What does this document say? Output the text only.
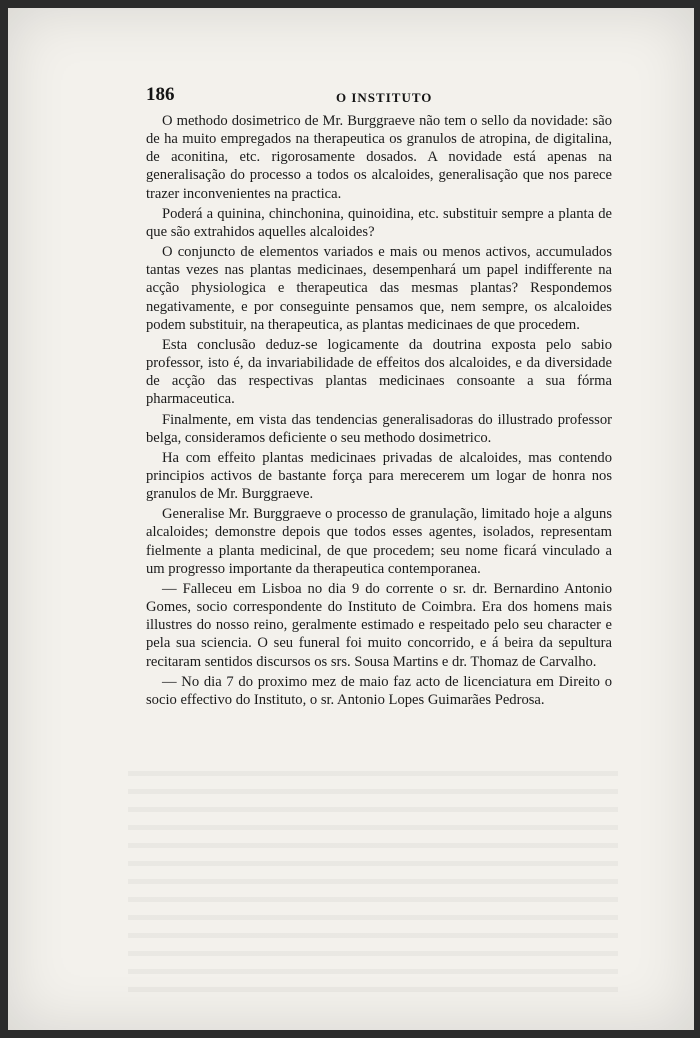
186	O INSTITUTO

O methodo dosimetrico de Mr. Burggraeve não tem o sello da novidade: são de ha muito empregados na therapeutica os granulos de atropina, de digitalina, de aconitina, etc. rigorosamente dosados. A novidade está apenas na generalisação do processo a todos os alcaloides, generalisação que nos parece trazer inconvenientes na practica.

Poderá a quinina, chinchonina, quinoidina, etc. substituir sempre a planta de que são extrahidos aquelles alcaloides?

O conjuncto de elementos variados e mais ou menos activos, accumulados tantas vezes nas plantas medicinaes, desempenhará um papel indifferente na acção physiologica e therapeutica das mesmas plantas? Respondemos negativamente, e por conseguinte pensamos que, nem sempre, os alcaloides podem substituir, na therapeutica, as plantas medicinaes de que procedem.

Esta conclusão deduz-se logicamente da doutrina exposta pelo sabio professor, isto é, da invariabilidade de effeitos dos alcaloides, e da diversidade de acção das respectivas plantas medicinaes consoante a sua fórma pharmaceutica.

Finalmente, em vista das tendencias generalisadoras do illustrado professor belga, consideramos deficiente o seu methodo dosimetrico.

Ha com effeito plantas medicinaes privadas de alcaloides, mas contendo principios activos de bastante força para merecerem um logar de honra nos granulos de Mr. Burggraeve.

Generalise Mr. Burggraeve o processo de granulação, limitado hoje a alguns alcaloides; demonstre depois que todos esses agentes, isolados, representam fielmente a planta medicinal, de que procedem; seu nome ficará vinculado a um progresso importante da therapeutica contemporanea.

— Falleceu em Lisboa no dia 9 do corrente o sr. dr. Bernardino Antonio Gomes, socio correspondente do Instituto de Coimbra. Era dos homens mais illustres do nosso reino, geralmente estimado e respeitado pelo seu character e pela sua sciencia. O seu funeral foi muito concorrido, e á beira da sepultura recitaram sentidos discursos os srs. Sousa Martins e dr. Thomaz de Carvalho.

— No dia 7 do proximo mez de maio faz acto de licenciatura em Direito o socio effectivo do Instituto, o sr. Antonio Lopes Guimarães Pedrosa.
